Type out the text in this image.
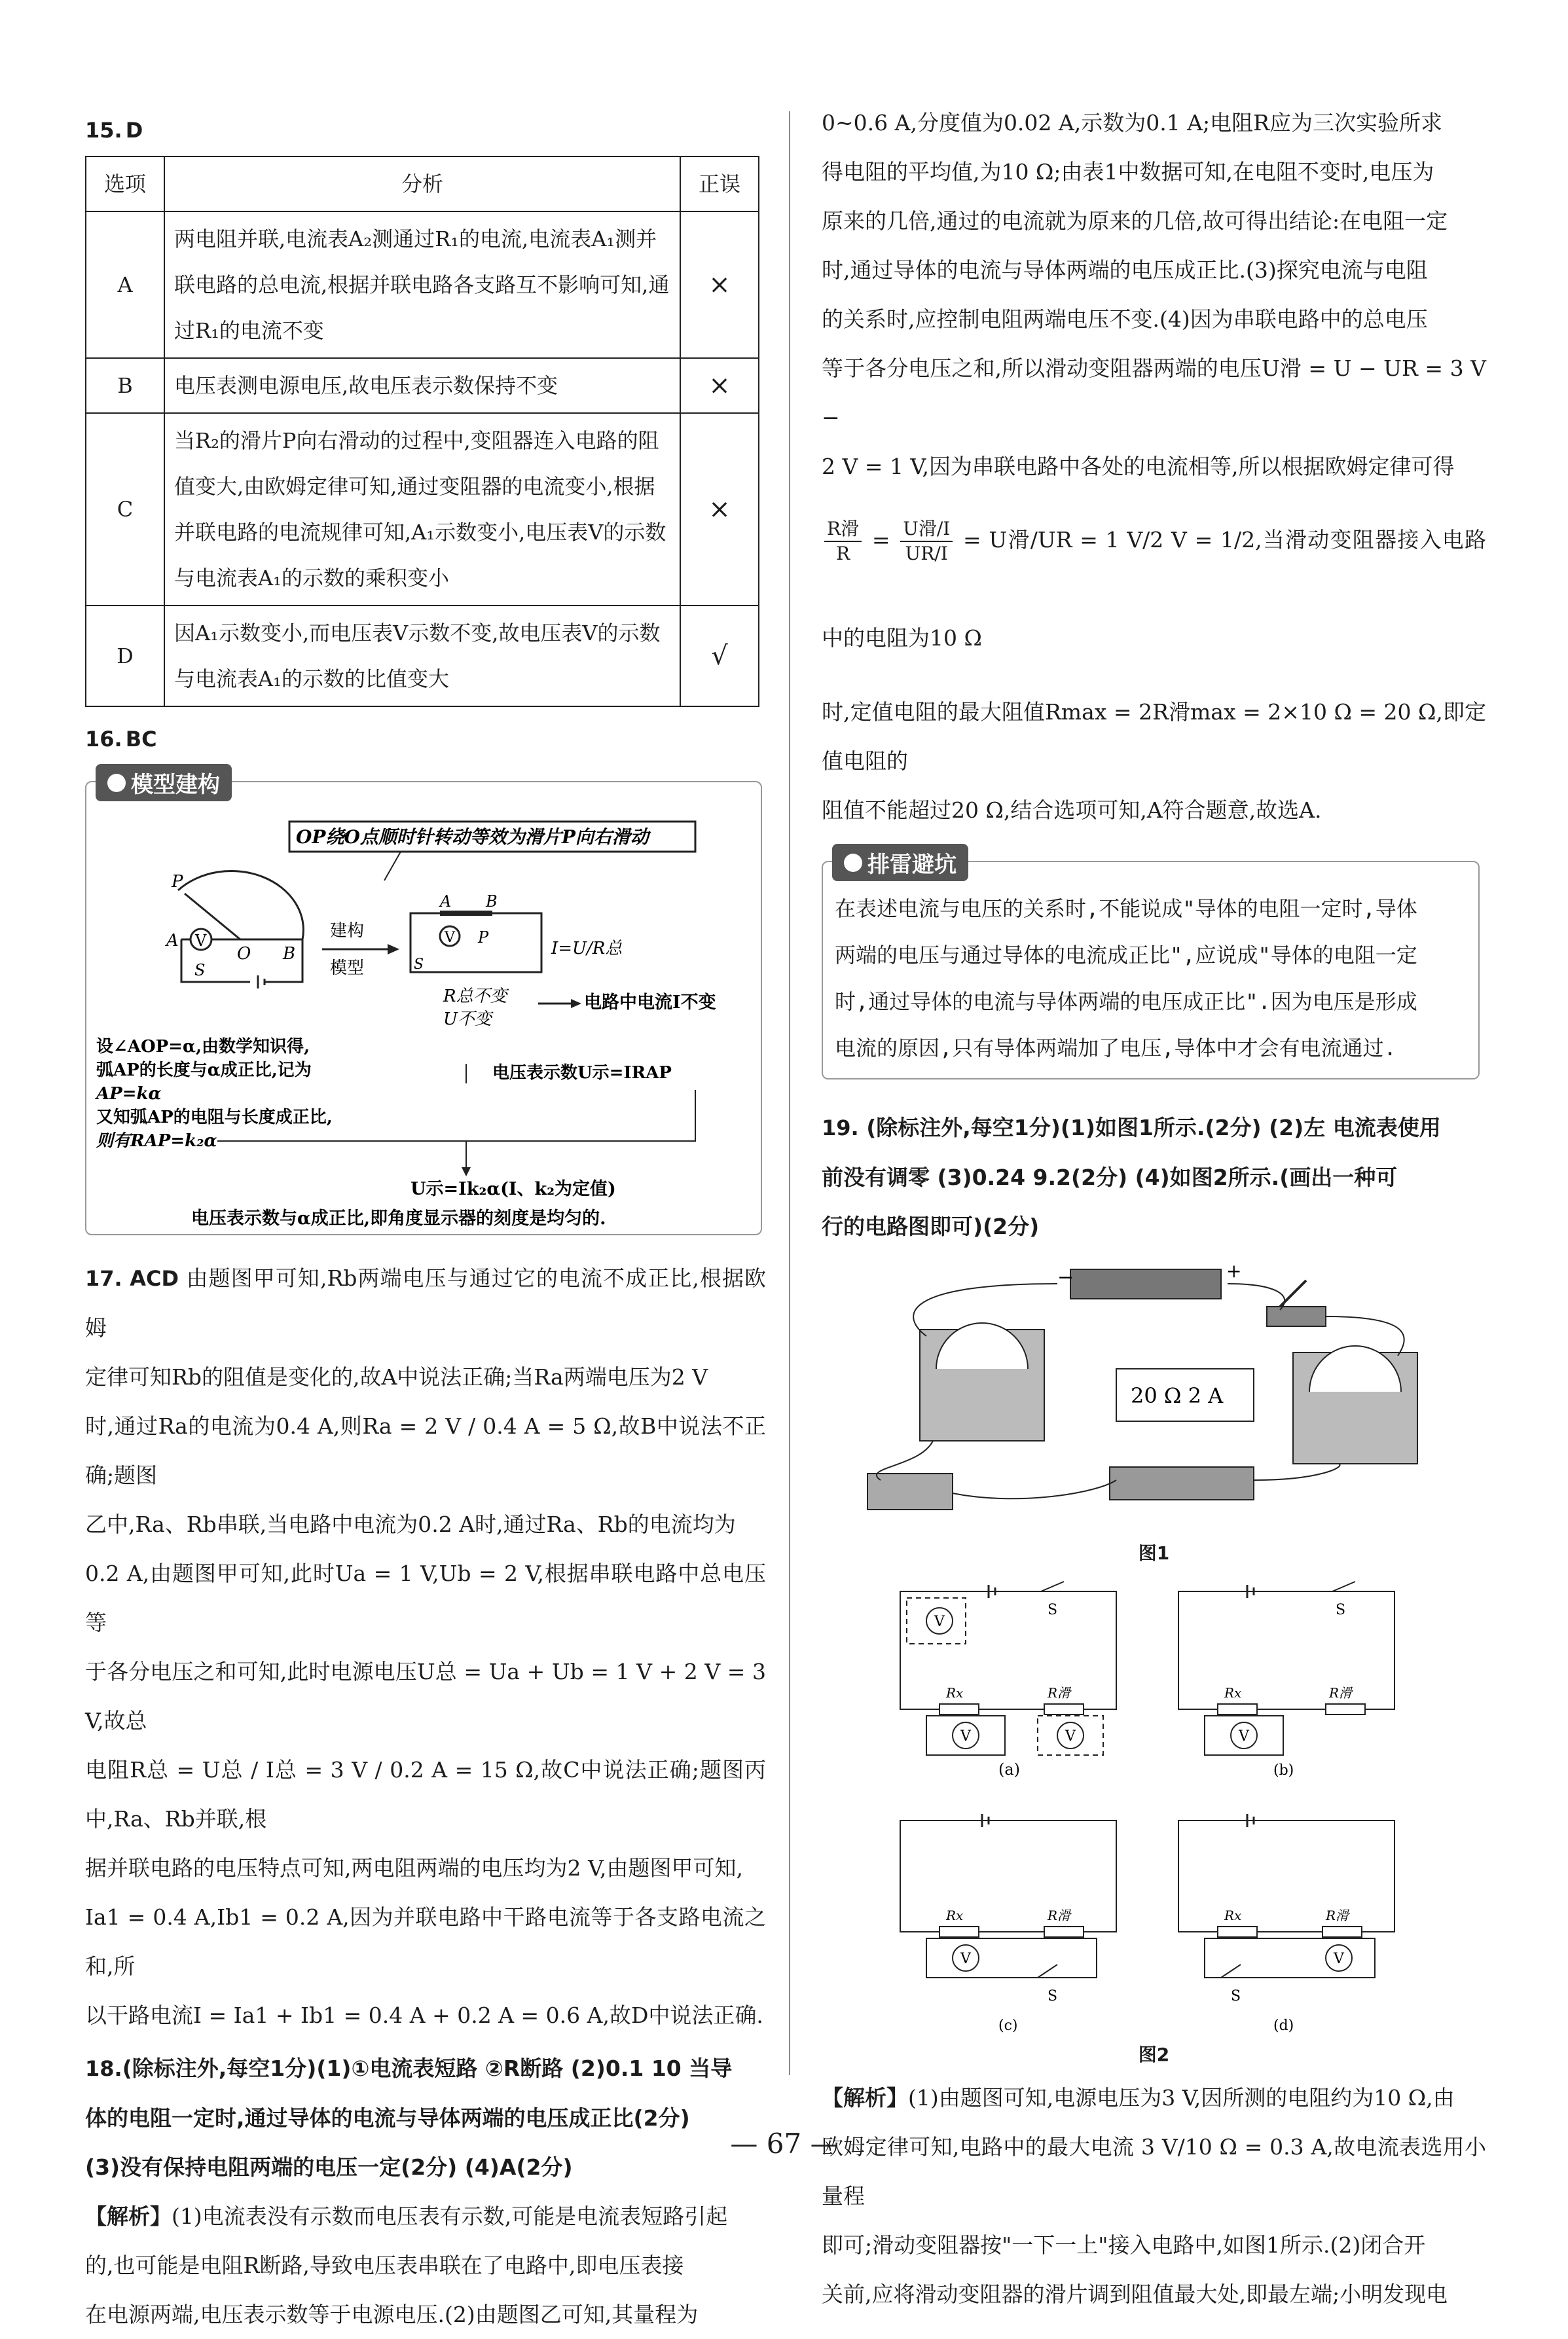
15. D
选项	分析	正误
A	两电阻并联,电流表A₂测通过R₁的电流,电流表A₁测并联电路的总电流,根据并联电路各支路互不影响可知,通过R₁的电流不变	×
B	电压表测电源电压,故电压表示数保持不变	×
C	当R₂的滑片P向右滑动的过程中,变阻器连入电路的阻值变大,由欧姆定律可知,通过变阻器的电流变小,根据并联电路的电流规律可知,A₁示数变小,电压表V的示数与电流表A₁的示数的乘积变小	×
D	因A₁示数变小,而电压表V示数不变,故电压表V的示数与电流表A₁的示数的比值变大	√
16. BC
模型建构
OP绕O点顺时针转动等效为滑片P向右滑动
V
P
A
O B
S
建构
模型
A B
V P
S
I=U/R总
R总不变
U不变
电路中电流I不变
设∠AOP=α,由数学知识得,
弧AP的长度与α成正比,记为
AP=kα
又知弧AP的电阻与长度成正比,
则有RAP=k₂α
电压表示数U示=IRAP
U示=Ik₂α(I、k₂为定值)
电压表示数与α成正比,即角度显示器的刻度是均匀的.

17. ACD 由题图甲可知,Rb两端电压与通过它的电流不成正比,根据欧姆

定律可知Rb的阻值是变化的,故A中说法正确;当Ra两端电压为2 V

时,通过Ra的电流为0.4 A,则Ra = 2 V / 0.4 A = 5 Ω,故B中说法不正确;题图

乙中,Ra、Rb串联,当电路中电流为0.2 A时,通过Ra、Rb的电流均为

0.2 A,由题图甲可知,此时Ua = 1 V,Ub = 2 V,根据串联电路中总电压等

于各分电压之和可知,此时电源电压U总 = Ua + Ub = 1 V + 2 V = 3 V,故总

电阻R总 = U总 / I总 = 3 V / 0.2 A = 15 Ω,故C中说法正确;题图丙中,Ra、Rb并联,根

据并联电路的电压特点可知,两电阻两端的电压均为2 V,由题图甲可知,

Ia1 = 0.4 A,Ib1 = 0.2 A,因为并联电路中干路电流等于各支路电流之和,所

以干路电流I = Ia1 + Ib1 = 0.4 A + 0.2 A = 0.6 A,故D中说法正确.

18.(除标注外,每空1分)(1)①电流表短路 ②R断路 (2)0.1 10 当导

体的电阻一定时,通过导体的电流与导体两端的电压成正比(2分)

(3)没有保持电阻两端的电压一定(2分) (4)A(2分)

【解析】(1)电流表没有示数而电压表有示数,可能是电流表短路引起

的,也可能是电阻R断路,导致电压表串联在了电路中,即电压表接

在电源两端,电压表示数等于电源电压.(2)由题图乙可知,其量程为

0~0.6 A,分度值为0.02 A,示数为0.1 A;电阻R应为三次实验所求

得电阻的平均值,为10 Ω;由表1中数据可知,在电阻不变时,电压为

原来的几倍,通过的电流就为原来的几倍,故可得出结论:在电阻一定

时,通过导体的电流与导体两端的电压成正比.(3)探究电流与电阻

的关系时,应控制电阻两端电压不变.(4)因为串联电路中的总电压

等于各分电压之和,所以滑动变阻器两端的电压U滑 = U − UR = 3 V −

2 V = 1 V,因为串联电路中各处的电流相等,所以根据欧姆定律可得

$\frac{\text{R滑}}{R} = \frac{\text{U滑/I}}{UR/I} = U$滑/UR = 1 V/2 V = 1/2,当滑动变阻器接入电路中的电阻为10 Ω

时,定值电阻的最大阻值Rmax = 2R滑max = 2×10 Ω = 20 Ω,即定值电阻的

阻值不能超过20 Ω,结合选项可知,A符合题意,故选A.

排雷避坑

在表述电流与电压的关系时,不能说成"导体的电阻一定时,导体

两端的电压与通过导体的电流成正比",应说成"导体的电阻一定

时,通过导体的电流与导体两端的电压成正比".因为电压是形成

电流的原因,只有导体两端加了电压,导体中才会有电流通过.

19. (除标注外,每空1分)(1)如图1所示.(2分) (2)左 电流表使用

前没有调零 (3)0.24 9.2(2分) (4)如图2所示.(画出一种可

行的电路图即可)(2分)

−	+
20 Ω 2 A
图1
V
V	V
Rx	R滑
S
(a)
V
Rx	R滑
S
(b)
V
Rx	R滑
S
(c)
V
Rx	R滑
S
(d)
图2

【解析】(1)由题图可知,电源电压为3 V,因所测的电阻约为10 Ω,由

欧姆定律可知,电路中的最大电流 3 V/10 Ω = 0.3 A,故电流表选用小量程

即可;滑动变阻器按"一下一上"接入电路中,如图1所示.(2)闭合开

关前,应将滑动变阻器的滑片调到阻值最大处,即最左端;小明发现电

— 67 —
